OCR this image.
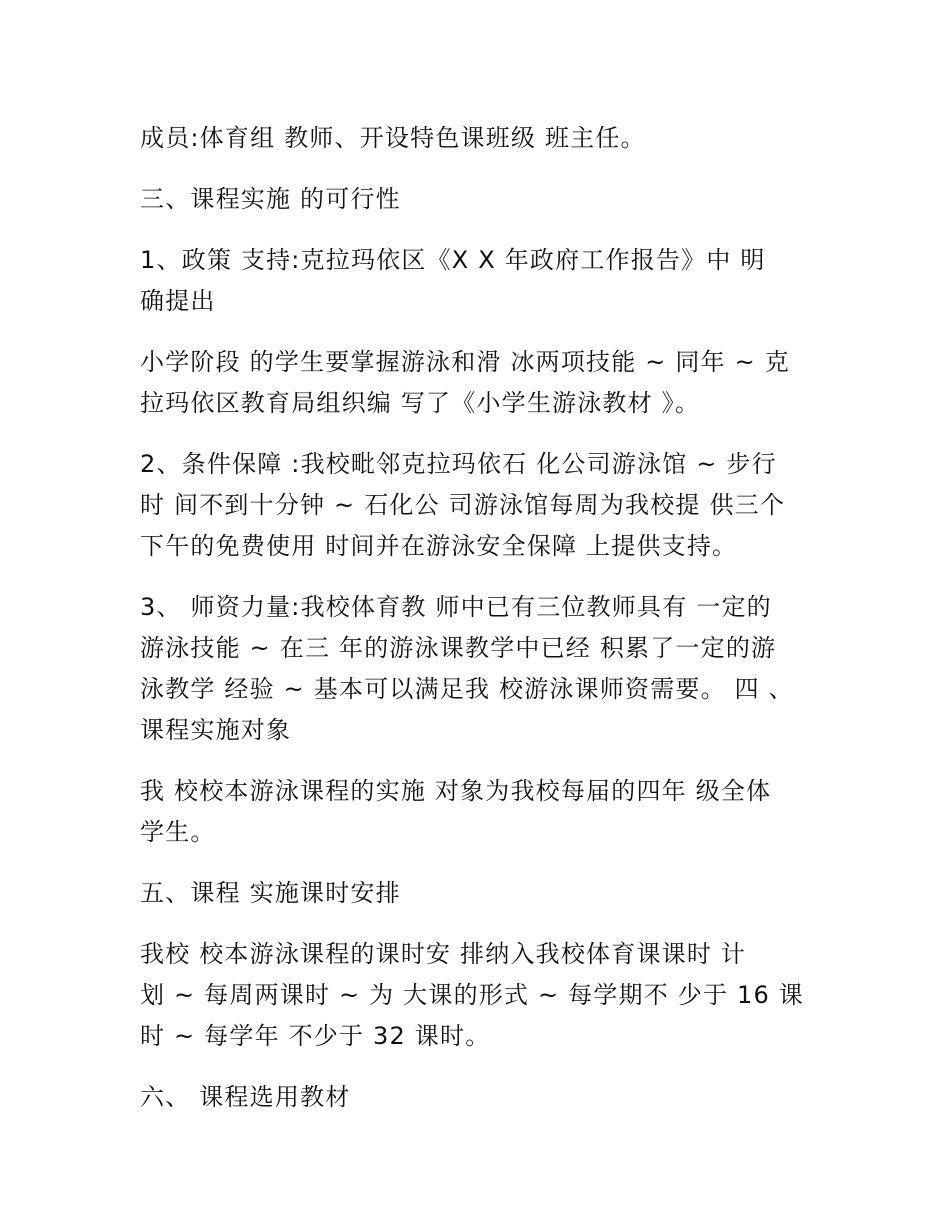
成员:体育组 教师、开设特色课班级 班主任。

三、课程实施 的可行性

1、政策 支持:克拉玛依区《X X 年政府工作报告》中 明
确提出

小学阶段 的学生要掌握游泳和滑 冰两项技能 ~ 同年 ~ 克
拉玛依区教育局组织编 写了《小学生游泳教材 》。

2、条件保障 :我校毗邻克拉玛依石 化公司游泳馆 ~ 步行
时 间不到十分钟 ~ 石化公 司游泳馆每周为我校提 供三个
下午的免费使用 时间并在游泳安全保障 上提供支持。

3、 师资力量:我校体育教 师中已有三位教师具有 一定的
游泳技能 ~ 在三 年的游泳课教学中已经 积累了一定的游
泳教学 经验 ~ 基本可以满足我 校游泳课师资需要。 四 、
课程实施对象

我 校校本游泳课程的实施 对象为我校每届的四年 级全体
学生。

五、课程 实施课时安排

我校 校本游泳课程的课时安 排纳入我校体育课课时 计
划 ~ 每周两课时 ~ 为 大课的形式 ~ 每学期不 少于 16 课
时 ~ 每学年 不少于 32 课时。

六、 课程选用教材
